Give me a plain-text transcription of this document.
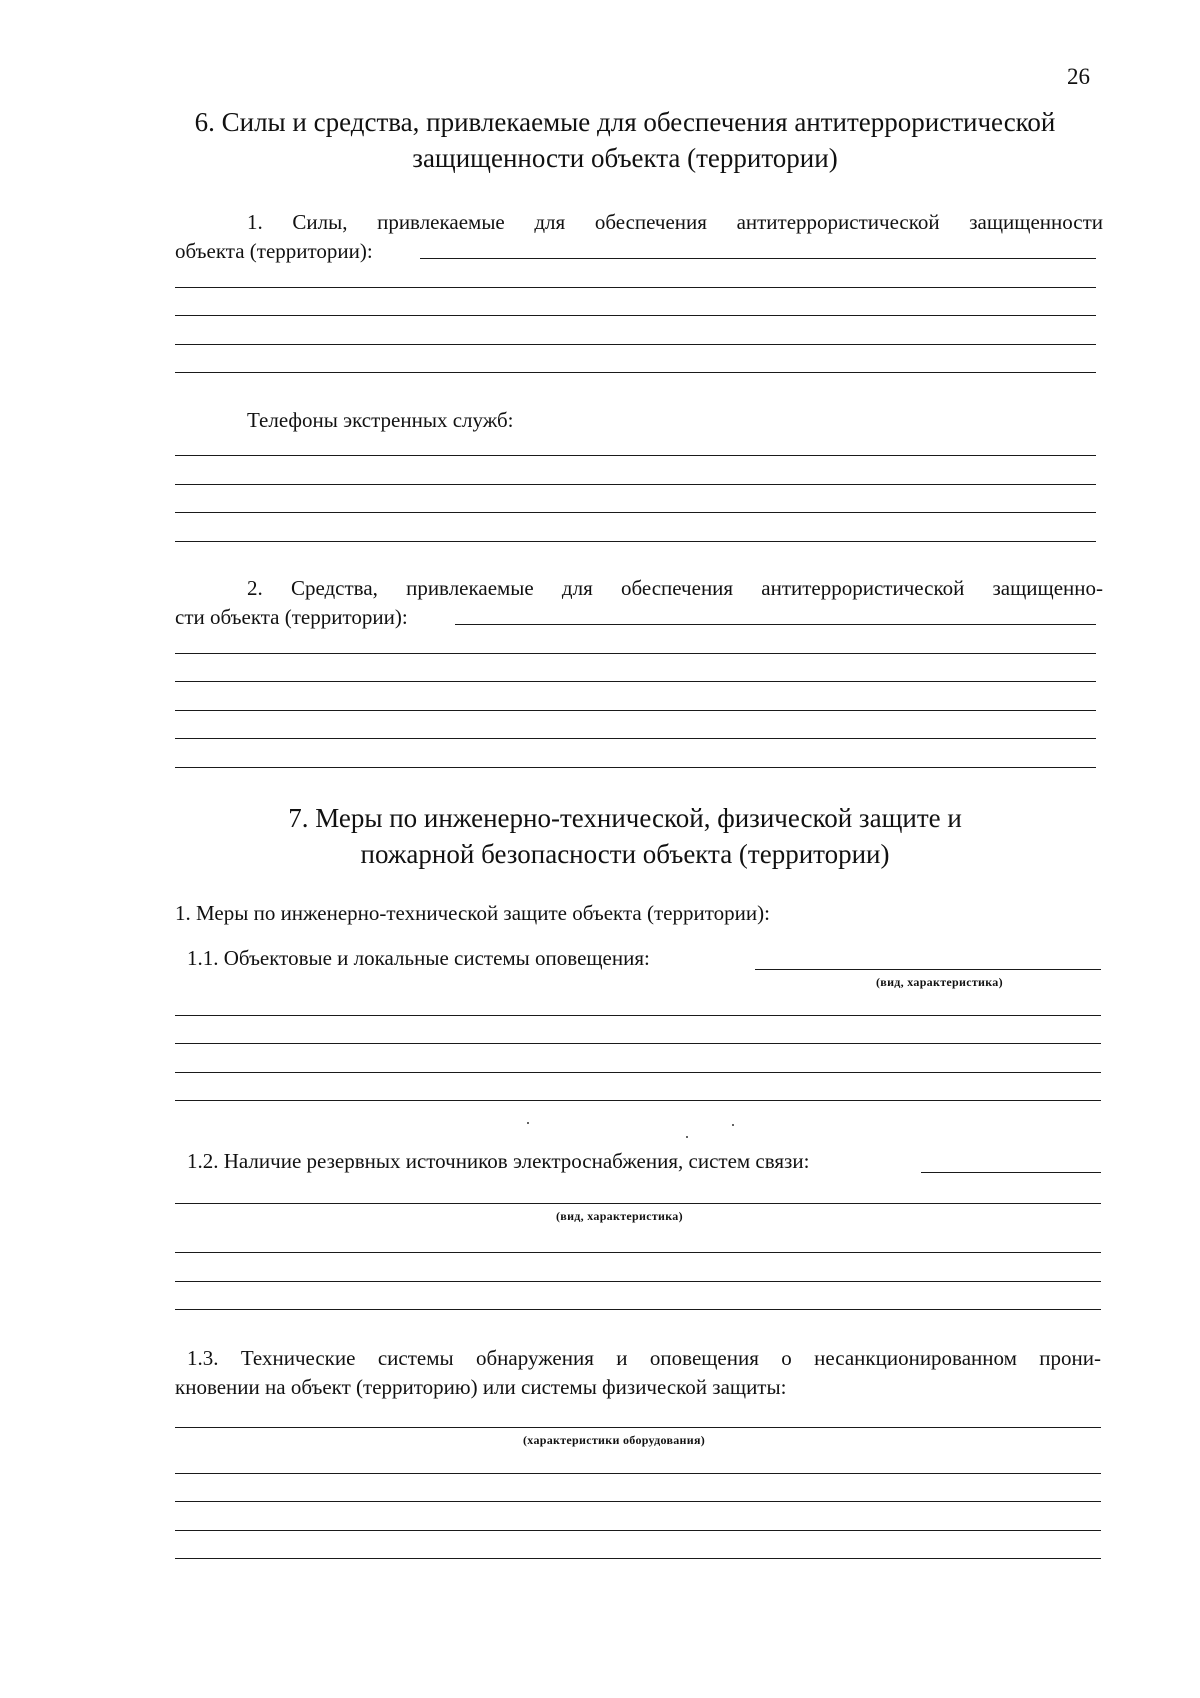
26
6. Силы и средства, привлекаемые для обеспечения антитеррористической
защищенности объекта (территории)
1. Силы, привлекаемые для обеспечения антитеррористической защищенности
объекта (территории):
Телефоны экстренных служб:
2. Средства, привлекаемые для обеспечения антитеррористической защищенно-
сти объекта (территории):
7. Меры по инженерно-технической, физической защите и
пожарной безопасности объекта (территории)
1. Меры по инженерно-технической защите объекта (территории):
1.1. Объектовые и локальные системы оповещения:
(вид, характеристика)
1.2. Наличие резервных источников электроснабжения, систем связи:
(вид, характеристика)
1.3. Технические системы обнаружения и оповещения о несанкционированном прони-
кновении на объект (территорию) или системы физической защиты:
(характеристики оборудования)
